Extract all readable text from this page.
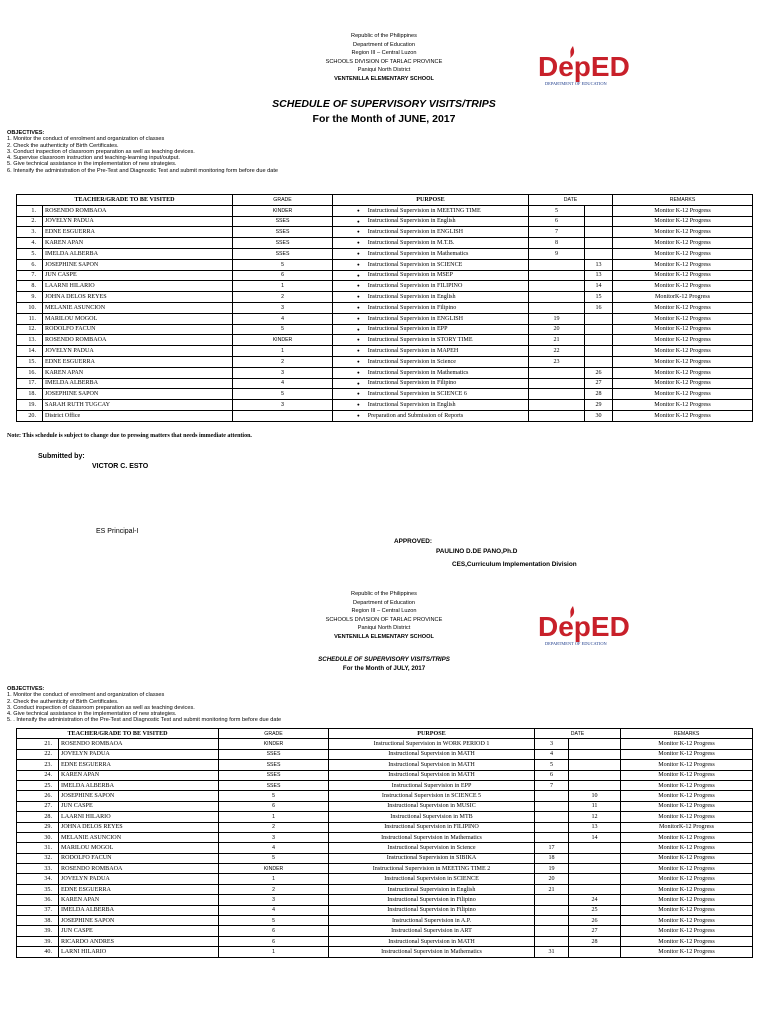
Republic of the Philippines
Department of Education
Region III – Central Luzon
SCHOOLS DIVISION OF TARLAC PROVINCE
Paniqui North District
VENTENILLA ELEMENTARY SCHOOL	DepED
DEPARTMENT OF EDUCATION
SCHEDULE OF SUPERVISORY VISITS/TRIPS
For the Month of JUNE, 2017
OBJECTIVES:
1. Monitor the conduct of enrolment and organization of classes
2. Check the authenticity of Birth Certificates.
3. Conduct inspection of classroom preparation as well as teaching devices.
4. Supervise classroom instruction and teaching-learning input/output.
5. Give technical assistance in the implementation of new strategies.
6. Intensify the administration of the Pre-Test and Diagnostic Test and submit monitoring form before due date
TEACHER/GRADE TO BE VISITED		GRADE	PURPOSE	DATE		REMARKS
1.	ROSENDO ROMBAOA	KINDER	● Instructional Supervision in MEETING TIME	5		Monitor K-12 Progress
2.	JOVELYN PADUA	SSES	● Instructional Supervision in English	6		Monitor K-12 Progress
3.	EDNE ESGUERRA	SSES	● Instructional Supervision in ENGLISH	7		Monitor K-12 Progress
4.	KAREN APAN	SSES	● Instructional Supervision in M.T.B.	8		Monitor K-12 Progress
5.	IMELDA ALBERBA	SSES	● Instructional Supervision in Mathematics	9		Monitor K-12 Progress
6.	JOSEPHINE SAPON	5	● Instructional Supervision in SCIENCE		13	Monitor K-12 Progress
7.	JUN CASPE	6	● Instructional Supervision in MSEP		13	Monitor K-12 Progress
8.	LAARNI HILARIO	1	● Instructional Supervision in FILIPINO		14	Monitor K-12 Progress
9.	JOHNA DELOS REYES	2	● Instructional Supervision in English		15	MonitorK-12 Progress
10.	MELANIE ASUNCION	3	● Instructional Supervision in Filipino		16	Monitor K-12 Progress
11.	MARILOU MOGOL	4	● Instructional Supervision in ENGLISH	19		Monitor K-12 Progress
12.	RODOLFO FACUN	5	● Instructional Supervision in EPP	20		Monitor K-12 Progress
13.	ROSENDO ROMBAOA	KINDER	● Instructional Supervision in STORY TIME	21		Monitor K-12 Progress
14.	JOVELYN PADUA	1	● Instructional Supervision in MAPEH	22		Monitor K-12 Progress
15.	EDNE ESGUERRA	2	● Instructional Supervision in Science	23		Monitor K-12 Progress
16.	KAREN APAN	3	● Instructional Supervision in Mathematics		26	Monitor K-12 Progress
17.	IMELDA ALBERBA	4	● Instructional Supervision in Filipino		27	Monitor K-12 Progress
18.	JOSEPHINE SAPON	5	● Instructional Supervision in SCIENCE 6		28	Monitor K-12 Progress
19.	SARAH RUTH TUGCAY	3	● Instructional Supervision in English		29	Monitor K-12 Progress
20.	District Office		● Preparation and Submission of Reports		30	Monitor K-12 Progress
Note: This schedule is subject to change due to pressing matters that needs immediate attention.
Submitted by:
VICTOR C. ESTO
ES Principal-I
APPROVED:
PAULINO D.DE PANO,Ph.D
CES,Curriculum Implementation Division
Republic of the Philippines
Department of Education
Region III – Central Luzon
SCHOOLS DIVISION OF TARLAC PROVINCE
Paniqui North District
VENTENILLA ELEMENTARY SCHOOL	DepED
DEPARTMENT OF EDUCATION
SCHEDULE OF SUPERVISORY VISITS/TRIPS
For the Month of JULY, 2017
OBJECTIVES:
1. Monitor the conduct of enrolment and organization of classes
2. Check the authenticity of Birth Certificates.
3. Conduct inspection of classroom preparation as well as teaching devices.
4. Give technical assistance in the implementation of new strategies.
5. . Intensify the administration of the Pre-Test and Diagnostic Test and submit monitoring form before due date
TEACHER/GRADE TO BE VISITED		GRADE	PURPOSE	DATE		REMARKS
21.	ROSENDO ROMBAOA	KINDER	Instructional Supervision in WORK PERIOD 1	3		Monitor K-12 Progress
22.	JOVELYN PADUA	SSES	Instructional Supervision in MATH	4		Monitor K-12 Progress
23.	EDNE ESGUERRA	SSES	Instructional Supervision in MATH	5		Monitor K-12 Progress
24.	KAREN APAN	SSES	Instructional Supervision in MATH	6		Monitor K-12 Progress
25.	IMELDA ALBERBA	SSES	Instructional Supervision in EPP	7		Monitor K-12 Progress
26.	JOSEPHINE SAPON	5	Instructional Supervision in SCIENCE 5		10	Monitor K-12 Progress
27.	JUN CASPE	6	Instructional Supervision in MUSIC		11	Monitor K-12 Progress
28.	LAARNI HILARIO	1	Instructional Supervision in MTB		12	Monitor K-12 Progress
29.	JOHNA DELOS REYES	2	Instructional Supervision in FILIPINO		13	MonitorK-12 Progress
30.	MELANIE ASUNCION	3	Instructional Supervision in Mathematics		14	Monitor K-12 Progress
31.	MARILOU MOGOL	4	Instructional Supervision in Science	17		Monitor K-12 Progress
32.	RODOLFO FACUN	5	Instructional Supervision in SIBIKA	18		Monitor K-12 Progress
33.	ROSENDO ROMBAOA	KINDER	Instructional Supervision in MEETING TIME 2	19		Monitor K-12 Progress
34.	JOVELYN PADUA	1	Instructional Supervision in SCIENCE	20		Monitor K-12 Progress
35.	EDNE ESGUERRA	2	Instructional Supervision in English	21		Monitor K-12 Progress
36.	KAREN APAN	3	Instructional Supervision in Filipino		24	Monitor K-12 Progress
37.	IMELDA ALBERBA	4	Instructional Supervision in Filipino		25	Monitor K-12 Progress
38.	JOSEPHINE SAPON	5	Instructional Supervision in A.P.		26	Monitor K-12 Progress
39.	JUN CASPE	6	Instructional Supervision in ART		27	Monitor K-12 Progress
39.	RICARDO ANDRES	6	Instructional Supervision in MATH		28	Monitor K-12 Progress
40.	LARNI HILARIO	1	Instructional Supervision in Mathematics	31		Monitor K-12 Progress
